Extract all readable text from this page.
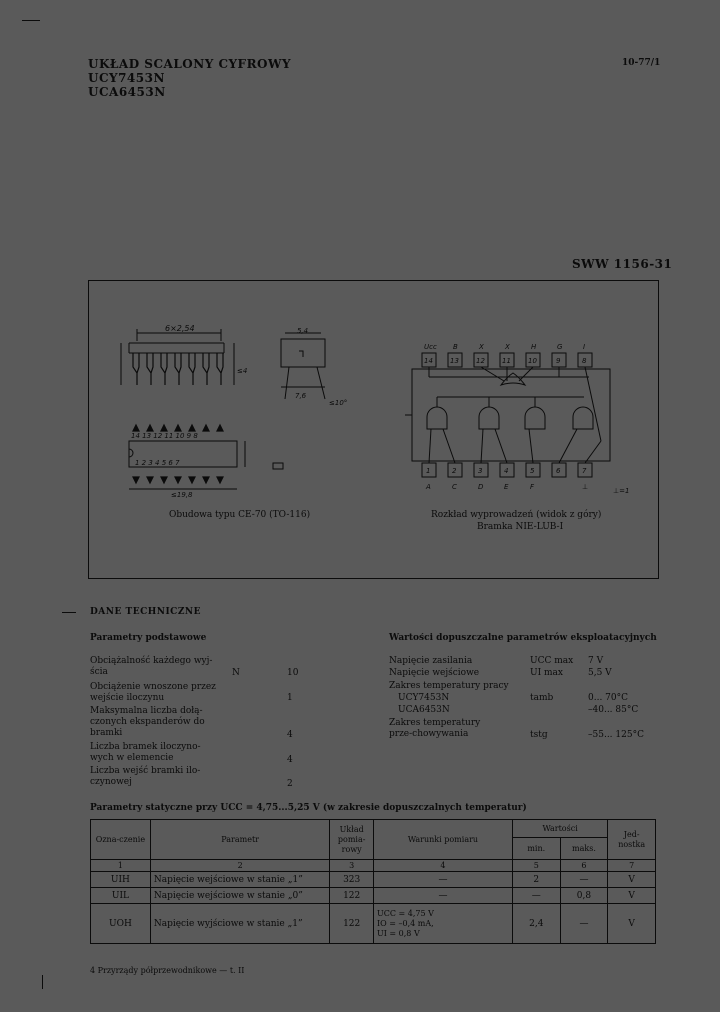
UKŁAD SCALONY CYFROWY
UCY7453N
UCA6453N
10-77/1
SWW 1156-31
6×2,54
≤4
5,4
7,6
≤10°
14 13 12 11 10 9 8
1 2 3 4 5 6 7
≤19,8
14 13 12 11 10	9	8
1	2	3	4	5	6	7
Ucc B	X	X	H	G	I
A	C	D	E	F	⊥	⊥=1
Obudowa typu CE-70 (TO-116)	Rozkład wyprowadzeń (widok z góry)
Bramka NIE-LUB-I
DANE TECHNICZNE
Parametry podstawowe	Wartości dopuszczalne parametrów eksploatacyjnych
Obciążalność każdego wyj-ścia	N	10
Obciążenie wnoszone przez wejście iloczynu	1
Maksymalna liczba dołą-czonych ekspanderów do bramki	4
Liczba bramek iloczyno-wych w elemencie	4
Liczba wejść bramki ilo-czynowej	2
Napięcie zasilania	UCC max 7 V
Napięcie wejściowe	UI max	5,5 V
Zakres temperatury pracy
UCY7453N	tamb	0... 70°C
UCA6453N	–40... 85°C
Zakres temperatury prze-chowywania	tstg	–55... 125°C
Parametry statyczne przy UCC = 4,75...5,25 V (w zakresie dopuszczalnych temperatur)
Ozna-czenie	Parametr	Układ pomia-rowy	Warunki pomiaru	Wartości		Jed-nostka
				min.	maks.	
1	2	3	4	5	6	7
UIH	Napięcie wejściowe w stanie „1”	323	—	2	—	V
UIL	Napięcie wejściowe w stanie „0”	122	—	—	0,8	V
UOH	Napięcie wyjściowe w stanie „1”	122	UCC = 4,75 V
IO = –0,4 mA,
UI = 0,8 V	2,4	—	V
4 Przyrządy półprzewodnikowe — t. II
